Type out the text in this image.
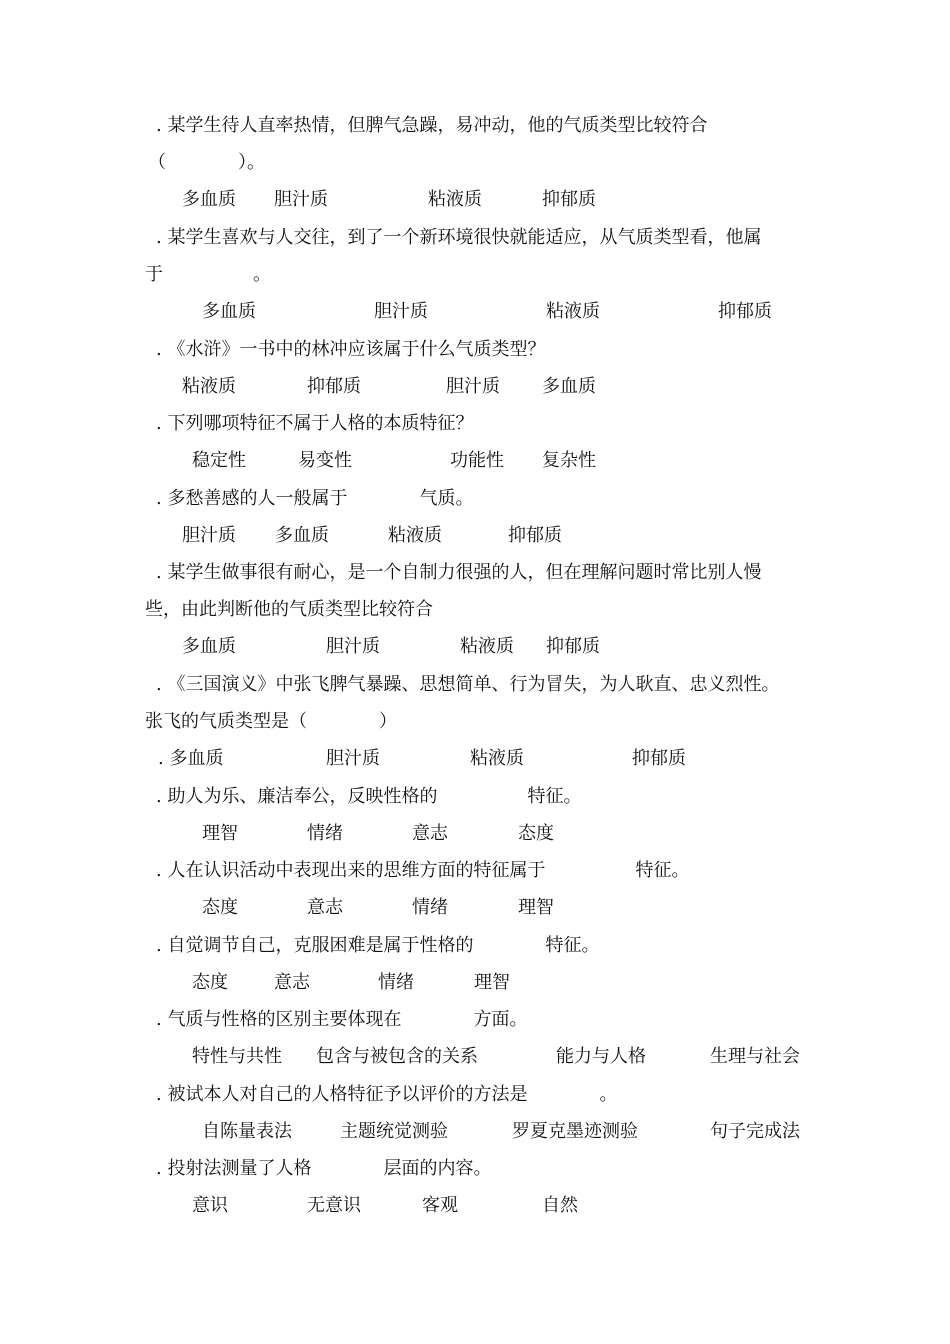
. 某学生待人直率热情，但脾气急躁，易冲动，他的气质类型比较符合
（　　　　）。
多血质 胆汁质	粘液质	抑郁质
. 某学生喜欢与人交往，到了一个新环境很快就能适应，从气质类型看，他属
于　　　　　。
多血质	胆汁质	粘液质	抑郁质
. 《水浒》一书中的林冲应该属于什么气质类型？
粘液质	抑郁质	胆汁质 多血质
. 下列哪项特征不属于人格的本质特征？
稳定性	易变性	功能性 复杂性
. 多愁善感的人一般属于　　　　气质。
胆汁质 多血质	粘液质	抑郁质
. 某学生做事很有耐心，是一个自制力很强的人，但在理解问题时常比别人慢
些，由此判断他的气质类型比较符合
多血质	胆汁质	粘液质 抑郁质
. 《三国演义》中张飞脾气暴躁、思想简单、行为冒失，为人耿直、忠义烈性。
张飞的气质类型是（　　　　）
. 多血质	胆汁质	粘液质	抑郁质
. 助人为乐、廉洁奉公，反映性格的　　　　　特征。
理智	情绪	意志	态度
. 人在认识活动中表现出来的思维方面的特征属于　　　　　特征。
态度	意志	情绪	理智
. 自觉调节自己，克服困难是属于性格的　　　　特征。
态度	意志	情绪	理智
. 气质与性格的区别主要体现在　　　　方面。
特性与共性 包含与被包含的关系	能力与人格	生理与社会
. 被试本人对自己的人格特征予以评价的方法是　　　　。
自陈量表法	主题统觉测验	罗夏克墨迹测验	句子完成法
. 投射法测量了人格　　　　层面的内容。
意识	无意识	客观	自然
